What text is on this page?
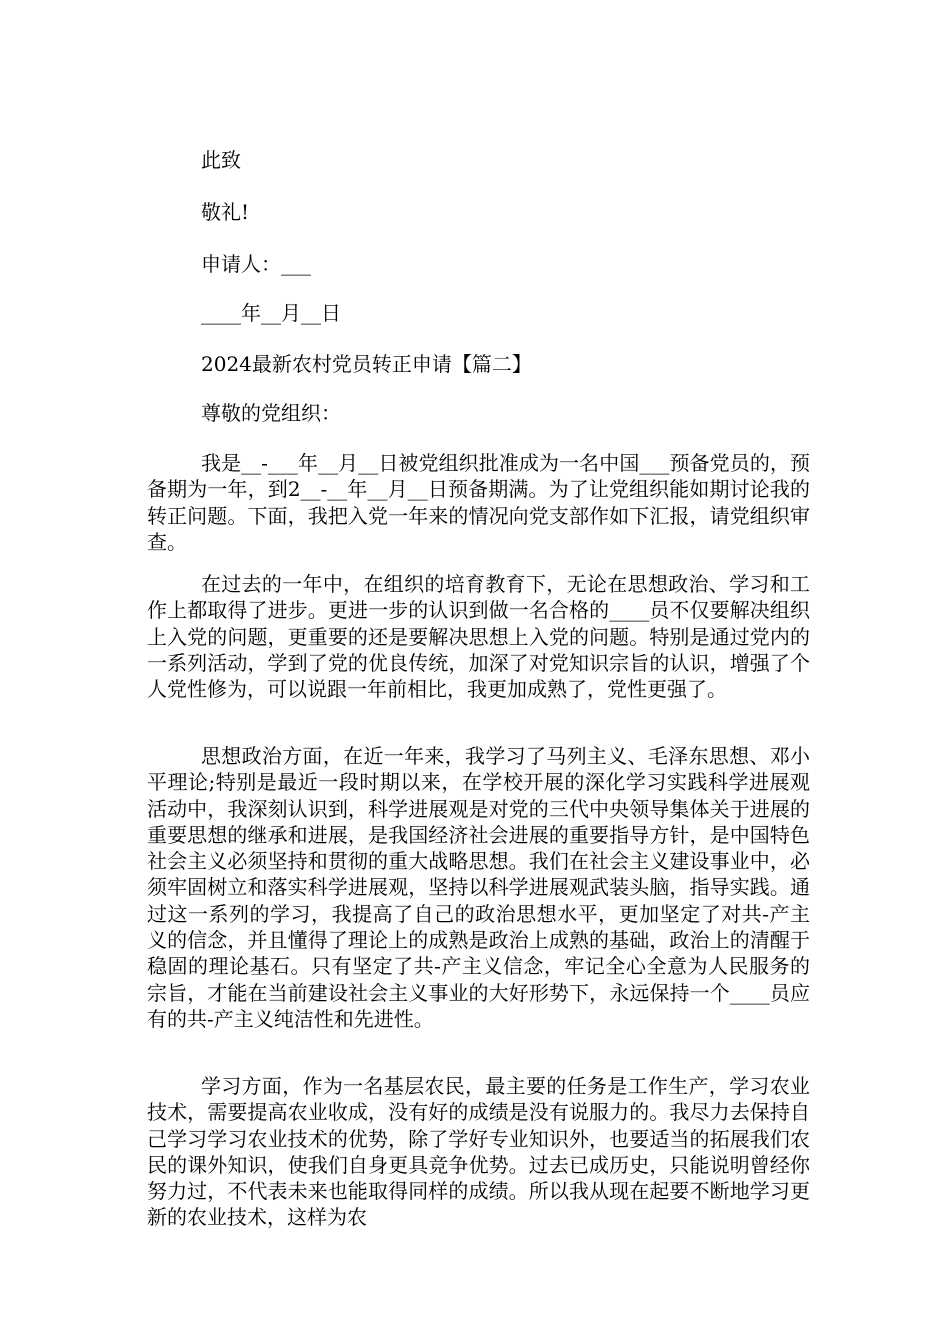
此致
敬礼!
申请人：___
____年__月__日
2024最新农村党员转正申请【篇二】
尊敬的党组织：
我是__-___年__月__日被党组织批准成为一名中国___预备党员的，预备期为一年，到2__-__年__月__日预备期满。为了让党组织能如期讨论我的转正问题。下面，我把入党一年来的情况向党支部作如下汇报，请党组织审查。
在过去的一年中，在组织的培育教育下，无论在思想政治、学习和工作上都取得了进步。更进一步的认识到做一名合格的____员不仅要解决组织上入党的问题，更重要的还是要解决思想上入党的问题。特别是通过党内的一系列活动，学到了党的优良传统，加深了对党知识宗旨的认识，增强了个人党性修为，可以说跟一年前相比，我更加成熟了，党性更强了。
思想政治方面，在近一年来，我学习了马列主义、毛泽东思想、邓小平理论;特别是最近一段时期以来，在学校开展的深化学习实践科学进展观活动中，我深刻认识到，科学进展观是对党的三代中央领导集体关于进展的重要思想的继承和进展，是我国经济社会进展的重要指导方针，是中国特色社会主义必须坚持和贯彻的重大战略思想。我们在社会主义建设事业中，必须牢固树立和落实科学进展观，坚持以科学进展观武装头脑，指导实践。通过这一系列的学习，我提高了自己的政治思想水平，更加坚定了对共-产主义的信念，并且懂得了理论上的成熟是政治上成熟的基础，政治上的清醒于稳固的理论基石。只有坚定了共-产主义信念，牢记全心全意为人民服务的宗旨，才能在当前建设社会主义事业的大好形势下，永远保持一个____员应有的共-产主义纯洁性和先进性。
学习方面，作为一名基层农民，最主要的任务是工作生产，学习农业技术，需要提高农业收成，没有好的成绩是没有说服力的。我尽力去保持自己学习学习农业技术的优势，除了学好专业知识外，也要适当的拓展我们农民的课外知识，使我们自身更具竞争优势。过去已成历史，只能说明曾经你努力过，不代表未来也能取得同样的成绩。所以我从现在起要不断地学习更新的农业技术，这样为农
